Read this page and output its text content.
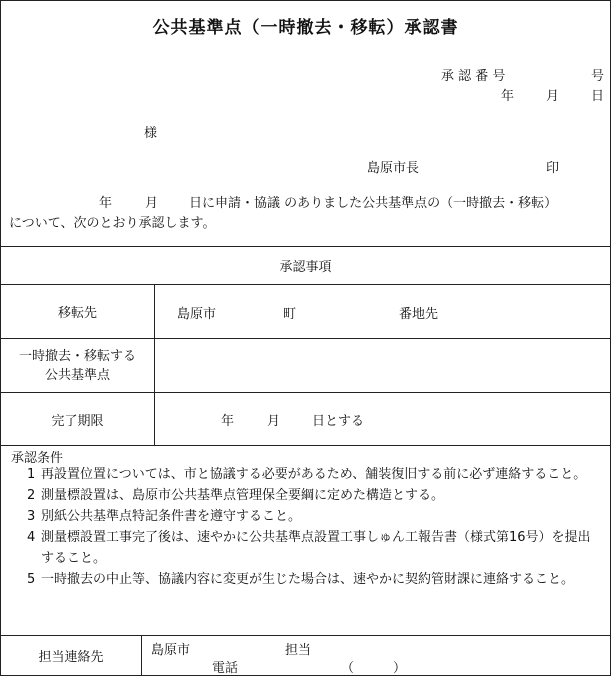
公共基準点（一時撤去・移転）承認書
承 認 番 号	号
年 月 日
様
島原市長	印
年	月 日に申請・協議 のありました公共基準点の（一時撤去・移転）
について、次のとおり承認します。
承認事項
移転先	島原市	町	番地先
一時撤去・移転する
公共基準点
完了期限	年	月 日とする
承認条件
1 再設置位置については、市と協議する必要があるため、舗装復旧する前に必ず連絡すること。
2 測量標設置は、島原市公共基準点管理保全要綱に定めた構造とする。
3 別紙公共基準点特記条件書を遵守すること。
4 測量標設置工事完了後は、速やかに公共基準点設置工事しゅん工報告書（様式第16号）を提出すること。
5 一時撤去の中止等、協議内容に変更が生じた場合は、速やかに契約管財課に連絡すること。
担当連絡先	島原市	担当
電話	（　　　）
